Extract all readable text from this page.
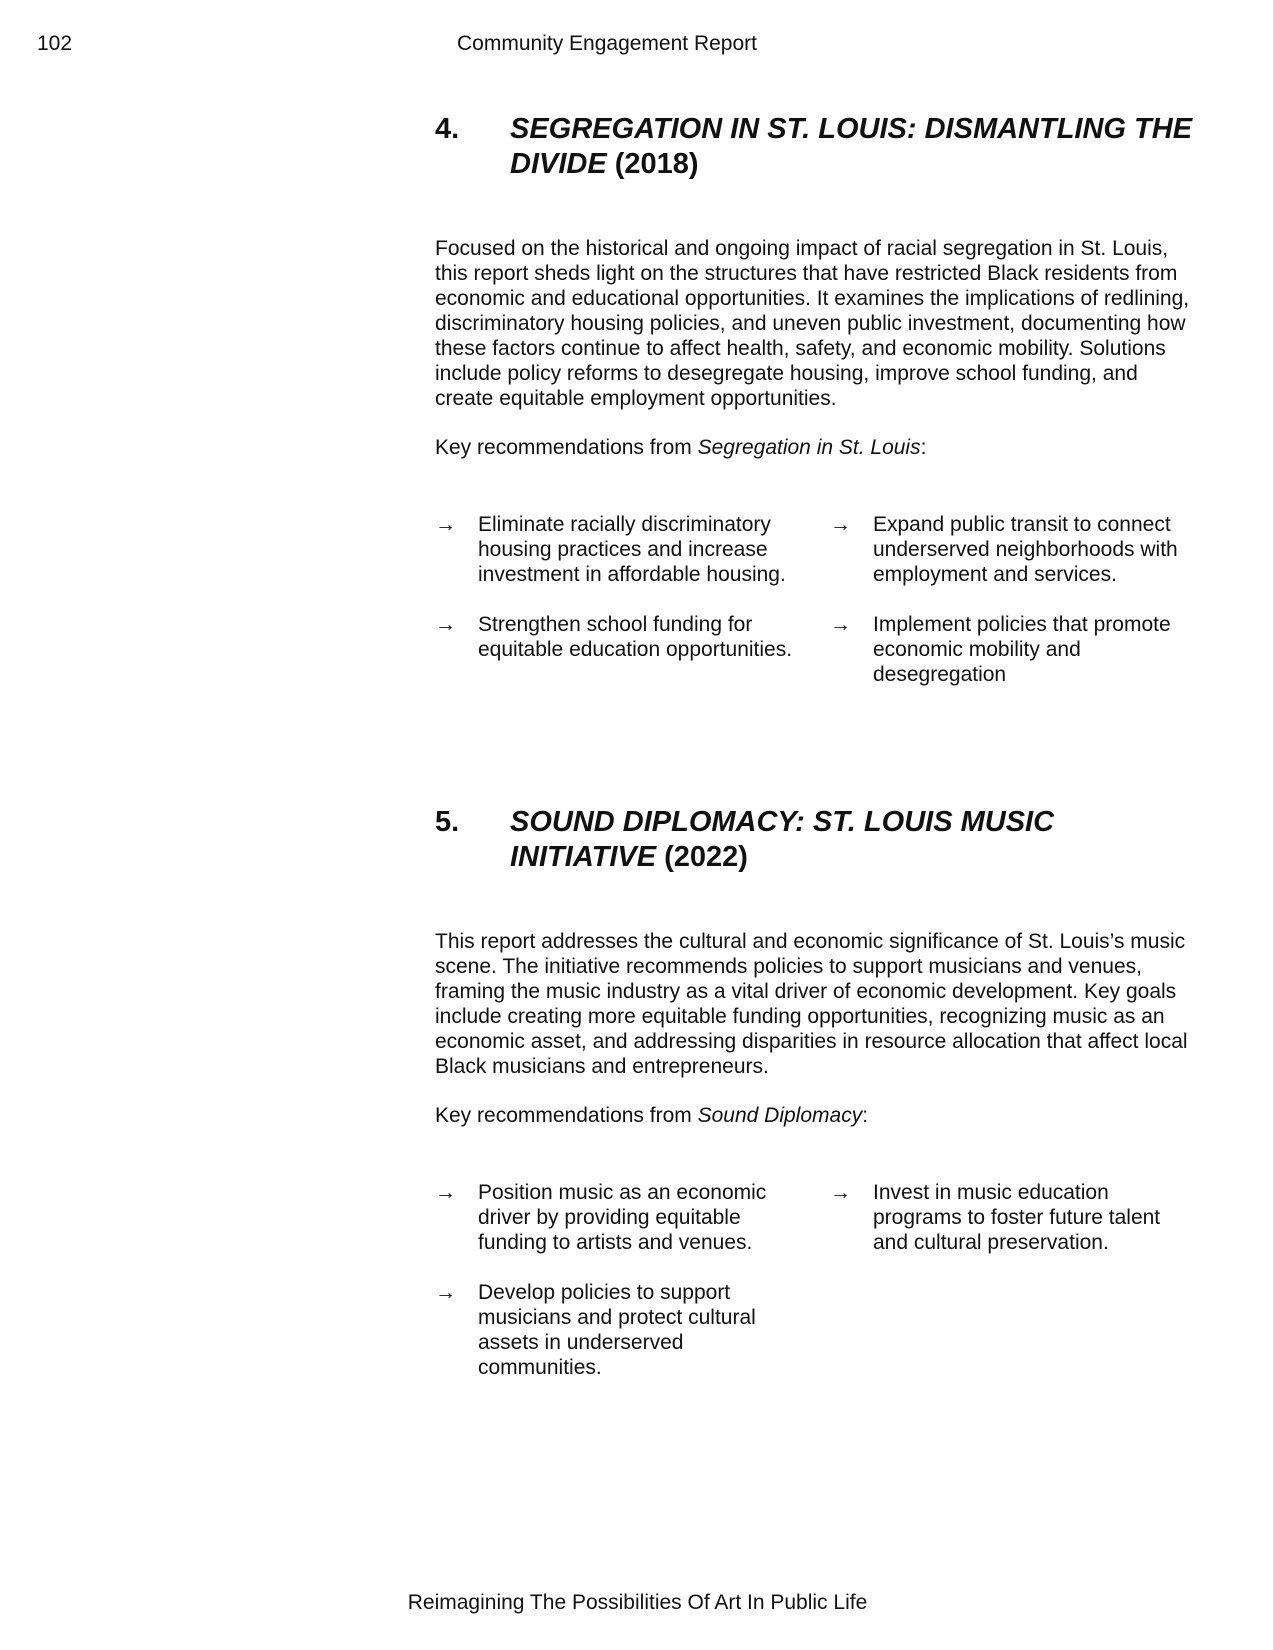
102	Community Engagement Report
4.	SEGREGATION IN ST. LOUIS: DISMANTLING THE DIVIDE (2018)

Focused on the historical and ongoing impact of racial segregation in St. Louis, this report sheds light on the structures that have restricted Black residents from economic and educational opportunities. It examines the implications of redlining, discriminatory housing policies, and uneven public investment, documenting how these factors continue to affect health, safety, and economic mobility. Solutions include policy reforms to desegregate housing, improve school funding, and create equitable employment opportunities.

Key recommendations from Segregation in St. Louis:

→	Eliminate racially discriminatory housing practices and increase investment in affordable housing.
→	Strengthen school funding for equitable education opportunities.
→	Expand public transit to connect underserved neighborhoods with employment and services.
→	Implement policies that promote economic mobility and desegregation
5.	SOUND DIPLOMACY: ST. LOUIS MUSIC INITIATIVE (2022)

This report addresses the cultural and economic significance of St. Louis’s music scene. The initiative recommends policies to support musicians and venues, framing the music industry as a vital driver of economic development. Key goals include creating more equitable funding opportunities, recognizing music as an economic asset, and addressing disparities in resource allocation that affect local Black musicians and entrepreneurs.

Key recommendations from Sound Diplomacy:

→	Position music as an economic driver by providing equitable funding to artists and venues.
→	Develop policies to support musicians and protect cultural assets in underserved communities.
→	Invest in music education programs to foster future talent and cultural preservation.
Reimagining The Possibilities Of Art In Public Life
